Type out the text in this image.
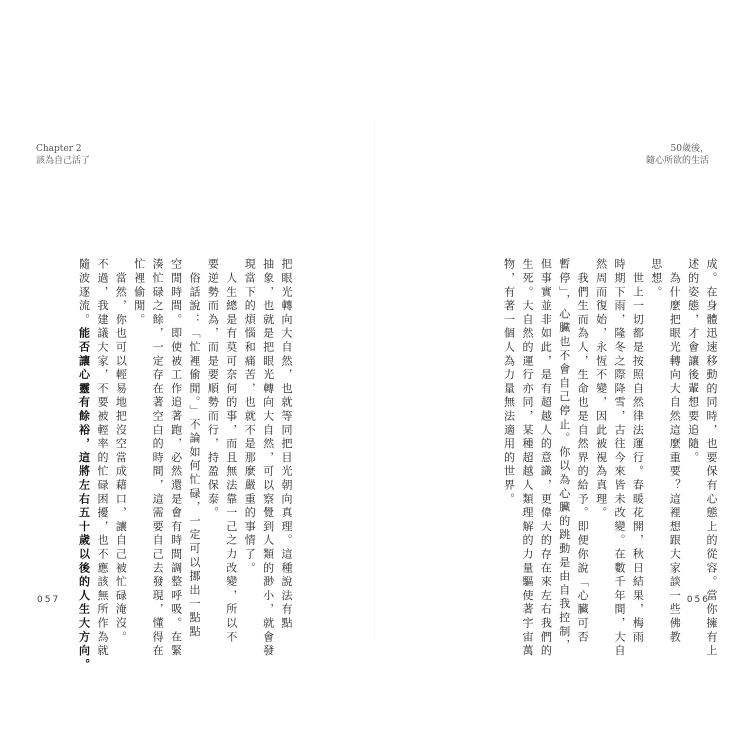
Chapter 2
該為自己活了
把眼光轉向大自然，也就等同把目光朝向真理。這種說法有點
抽象，也就是把眼光轉向大自然，可以察覺到人類的渺小，就會發
現當下的煩惱和痛苦，也就不是那麼嚴重的事情了。
　人生總是有莫可奈何的事，而且無法靠一己之力改變，所以不
要逆勢而為，而是要順勢而行，持盈保泰。
　俗話說：「忙裡偷閒。」不論如何忙碌，一定可以挪出一點點
空閒時間。即使被工作追著跑，必然還是會有時間調整呼吸。在緊
湊忙碌之餘，一定存在著空白的時間，這需要自己去發現，懂得在
忙裡偷閒。
　當然，你也可以輕易地把沒空當成藉口，讓自己被忙碌淹沒。
不過，我建議大家，不要被輕率的忙碌困擾，也不應該無所作為就
隨波逐流。能否讓心靈有餘裕，這將左右五十歲以後的人生大方向。
057
50歲後，
隨心所欲的生活
成。在身體迅速移動的同時，也要保有心態上的從容。當你擁有上
述的姿態，才會讓後輩想要追隨。
　為什麼把眼光轉向大自然這麼重要？這裡想跟大家談一些佛教
思想。
　世上一切都是按照自然律法運行。春暖花開，秋日結果，梅雨
時期下雨，隆冬之際降雪，古往今來皆未改變。在數千年間，大自
然周而復始，永恆不變，因此被視為真理。
　我們生而為人，生命也是自然界的給予。即便你說「心臟可否
暫停」，心臟也不會自己停止。你以為心臟的跳動是由自我控制，
但事實並非如此，是有超越人的意識，更偉大的存在來左右我們的
生死。大自然的運行亦同，某種超越人類理解的力量驅使著宇宙萬
物，有著一個人為力量無法適用的世界。
056
